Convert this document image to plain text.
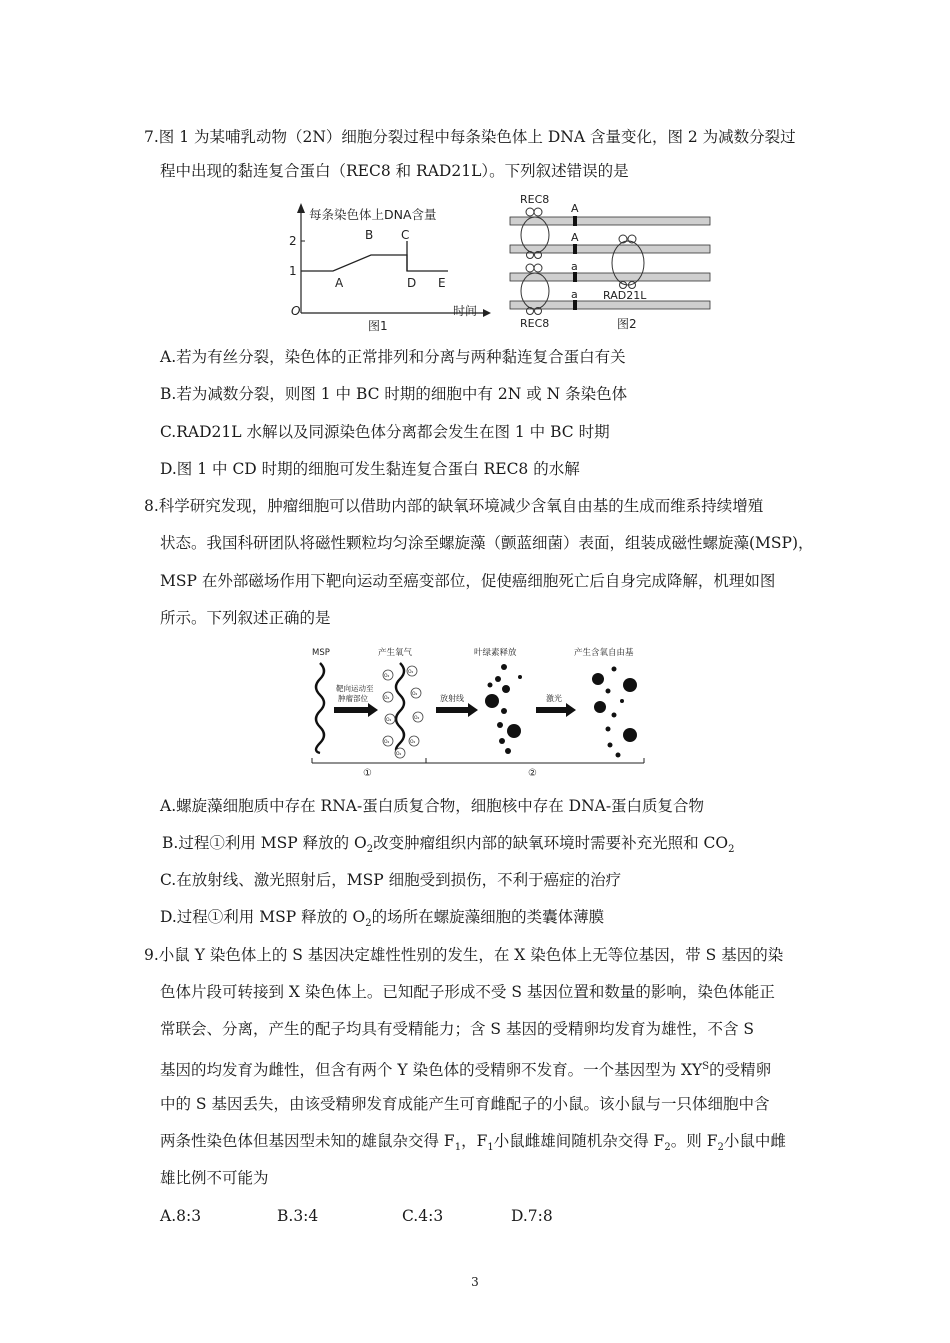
7.图 1 为某哺乳动物（2N）细胞分裂过程中每条染色体上 DNA 含量变化，图 2 为减数分裂过
程中出现的黏连复合蛋白（REC8 和 RAD21L）。下列叙述错误的是
每条染色体上DNA含量
2
1
O
A
B C
D E
时间
图1
REC8
A
A
a
a RAD21L
REC8	图2
A.若为有丝分裂，染色体的正常排列和分离与两种黏连复合蛋白有关
B.若为减数分裂，则图 1 中 BC 时期的细胞中有 2N 或 N 条染色体
C.RAD21L 水解以及同源染色体分离都会发生在图 1 中 BC 时期
D.图 1 中 CD 时期的细胞可发生黏连复合蛋白 REC8 的水解
8.科学研究发现，肿瘤细胞可以借助内部的缺氧环境减少含氧自由基的生成而维系持续增殖
状态。我国科研团队将磁性颗粒均匀涂至螺旋藻（颤蓝细菌）表面，组装成磁性螺旋藻(MSP)，
MSP 在外部磁场作用下靶向运动至癌变部位，促使癌细胞死亡后自身完成降解，机理如图
所示。下列叙述正确的是
MSP
靶向运动至
肿瘤部位
产生氧气
O₂
O₂
O₂
O₂
O₂	O₂
O₂	O₂
O₂
放射线
叶绿素释放
激光
产生含氧自由基
①	②
A.螺旋藻细胞质中存在 RNA-蛋白质复合物，细胞核中存在 DNA-蛋白质复合物
B.过程①利用 MSP 释放的 $O_2$改变肿瘤组织内部的缺氧环境时需要补充光照和 $CO_2$
C.在放射线、激光照射后，MSP 细胞受到损伤，不利于癌症的治疗
D.过程①利用 MSP 释放的 $O_2$的场所在螺旋藻细胞的类囊体薄膜
9.小鼠 Y 染色体上的 S 基因决定雄性性别的发生，在 X 染色体上无等位基因，带 S 基因的染
色体片段可转接到 X 染色体上。已知配子形成不受 S 基因位置和数量的影响，染色体能正
常联会、分离，产生的配子均具有受精能力；含 S 基因的受精卵均发育为雄性，不含 S
基因的均发育为雌性，但含有两个 Y 染色体的受精卵不发育。一个基因型为 $XY^S$的受精卵
中的 S 基因丢失，由该受精卵发育成能产生可育雌配子的小鼠。该小鼠与一只体细胞中含
两条性染色体但基因型未知的雄鼠杂交得 $F_1$，$F_1$小鼠雌雄间随机杂交得 $F_2$。则 $F_2$小鼠中雌
雄比例不可能为
A.8:3	B.3:4	C.4:3	D.7:8
3
